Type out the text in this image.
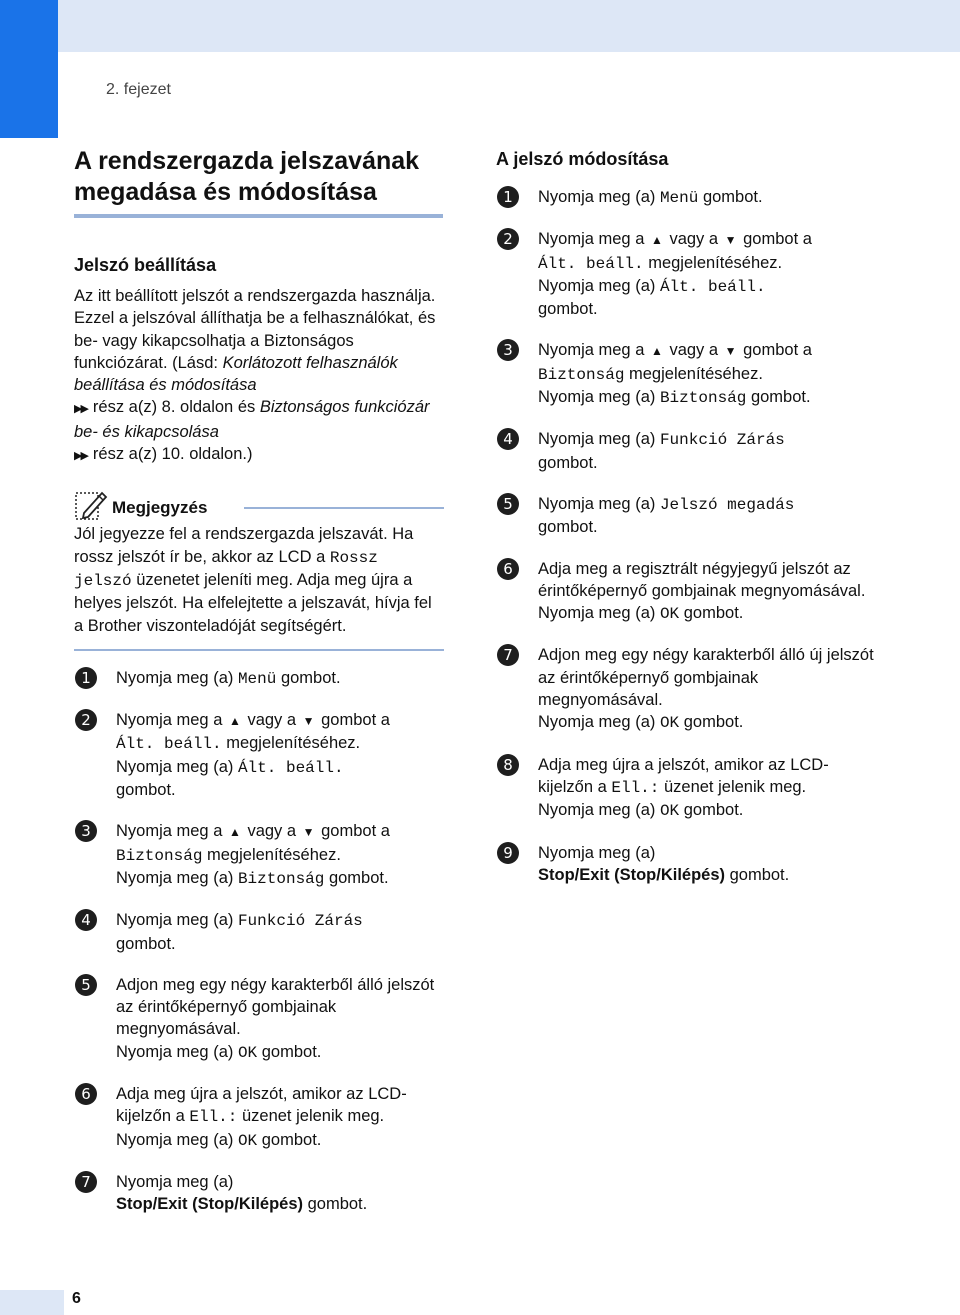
2. fejezet
A rendszergazda jelszavának
megadása és módosítása
Jelszó beállítása

Az itt beállított jelszót a rendszergazda használja. Ezzel a jelszóval állíthatja be a felhasználókat, és be- vagy kikapcsolhatja a Biztonságos funkciózárat. (Lásd: Korlátozott felhasználók beállítása és módosítása
▶▶ rész a(z) 8. oldalon és Biztonságos funkciózár be- és kikapcsolása
▶▶ rész a(z) 10. oldalon.)

Megjegyzés

Jól jegyezze fel a rendszergazda jelszavát. Ha rossz jelszót ír be, akkor az LCD a Rossz jelszó üzenetet jeleníti meg. Adja meg újra a helyes jelszót. Ha elfelejtette a jelszavát, hívja fel a Brother viszonteladóját segítségért.

1	Nyomja meg (a) Menü gombot.
2	Nyomja meg a ▲ vagy a ▼ gombot a
Ált. beáll. megjelenítéséhez.
Nyomja meg (a) Ált. beáll.
gombot.
3	Nyomja meg a ▲ vagy a ▼ gombot a
Biztonság megjelenítéséhez.
Nyomja meg (a) Biztonság gombot.
4	Nyomja meg (a) Funkció Zárás
gombot.
5	Adjon meg egy négy karakterből álló jelszót az érintőképernyő gombjainak megnyomásával.
Nyomja meg (a) OK gombot.
6	Adja meg újra a jelszót, amikor az LCD-kijelzőn a Ell.: üzenet jelenik meg.
Nyomja meg (a) OK gombot.
7	Nyomja meg (a)
Stop/Exit (Stop/Kilépés) gombot.
A jelszó módosítása
1	Nyomja meg (a) Menü gombot.
2	Nyomja meg a ▲ vagy a ▼ gombot a
Ált. beáll. megjelenítéséhez.
Nyomja meg (a) Ált. beáll.
gombot.
3	Nyomja meg a ▲ vagy a ▼ gombot a
Biztonság megjelenítéséhez.
Nyomja meg (a) Biztonság gombot.
4	Nyomja meg (a) Funkció Zárás
gombot.
5	Nyomja meg (a) Jelszó megadás
gombot.
6	Adja meg a regisztrált négyjegyű jelszót az érintőképernyő gombjainak megnyomásával.
Nyomja meg (a) OK gombot.
7	Adjon meg egy négy karakterből álló új jelszót az érintőképernyő gombjainak megnyomásával.
Nyomja meg (a) OK gombot.
8	Adja meg újra a jelszót, amikor az LCD-kijelzőn a Ell.: üzenet jelenik meg.
Nyomja meg (a) OK gombot.
9	Nyomja meg (a)
Stop/Exit (Stop/Kilépés) gombot.
6
